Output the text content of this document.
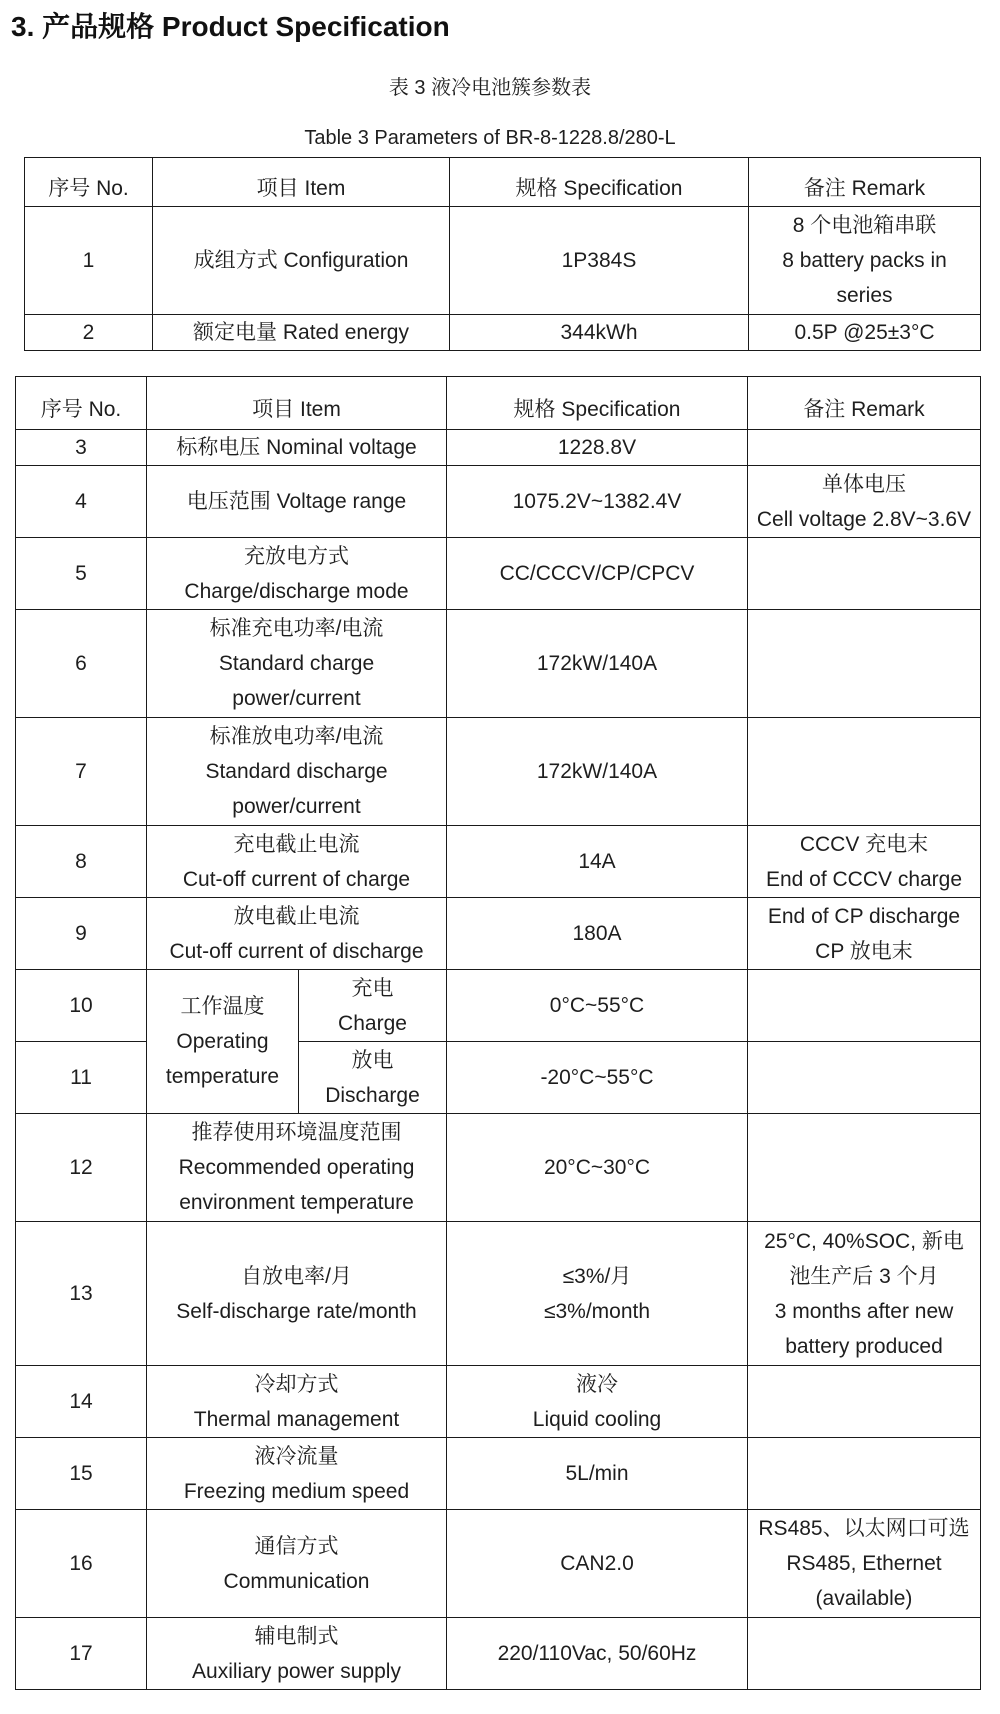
3. 产品规格 Product Specification
表 3 液冷电池簇参数表
Table 3 Parameters of BR-8-1228.8/280-L
序号 No.	项目 Item	规格 Specification	备注 Remark
1	成组方式 Configuration	1P384S	8 个电池箱串联
8 battery packs in
series
2	额定电量 Rated energy	344kWh	0.5P @25±3°C
序号 No.	项目 Item		规格 Specification	备注 Remark
3	标称电压 Nominal voltage		1228.8V	
4	电压范围 Voltage range		1075.2V~1382.4V	单体电压
Cell voltage 2.8V~3.6V
5	充放电方式
Charge/discharge mode		CC/CCCV/CP/CPCV	
6	标准充电功率/电流
Standard charge
power/current		172kW/140A	
7	标准放电功率/电流
Standard discharge
power/current		172kW/140A	
8	充电截止电流
Cut-off current of charge		14A	CCCV 充电末
End of CCCV charge
9	放电截止电流
Cut-off current of discharge		180A	End of CP discharge
CP 放电末
10	工作温度
Operating
temperature	充电
Charge	0°C~55°C	
11		放电
Discharge	-20°C~55°C	
12	推荐使用环境温度范围
Recommended operating
environment temperature		20°C~30°C	
13	自放电率/月
Self-discharge rate/month		≤3%/月
≤3%/month	25°C, 40%SOC, 新电
池生产后 3 个月
3 months after new
battery produced
14	冷却方式
Thermal management		液冷
Liquid cooling	
15	液冷流量
Freezing medium speed		5L/min	
16	通信方式
Communication		CAN2.0	RS485、以太网口可选
RS485, Ethernet
(available)
17	辅电制式
Auxiliary power supply		220/110Vac, 50/60Hz	
